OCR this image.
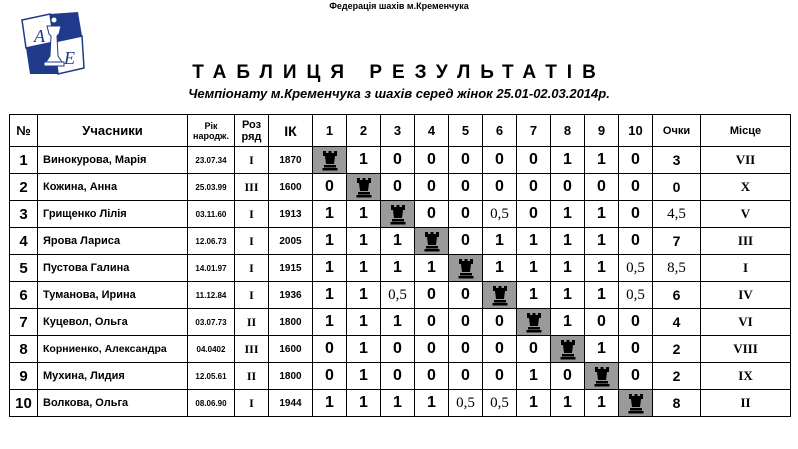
Федерація шахів м.Кременчука
А
Е
ТАБЛИЦЯ РЕЗУЛЬТАТІВ
Чемпіонату м.Кременчука з шахів серед жінок 25.01-02.03.2014р.
№	Учасники	Рік народж.	Роз ряд	ІК	1	2	3	4	5	6	7	8	9	10	Очки	Місце
1	Винокурова, Марія	23.07.34	I	1870		1	0	0	0	0	0	1	1	0	3	VII
2	Кожина, Анна	25.03.99	III	1600	0		0	0	0	0	0	0	0	0	0	X
3	Грищенко Лілія	03.11.60	I	1913	1	1		0	0	0,5	0	1	1	0	4,5	V
4	Ярова Лариса	12.06.73	I	2005	1	1	1		0	1	1	1	1	0	7	III
5	Пустова Галина	14.01.97	I	1915	1	1	1	1		1	1	1	1	0,5	8,5	I
6	Туманова, Ирина	11.12.84	I	1936	1	1	0,5	0	0		1	1	1	0,5	6	IV
7	Куцевол, Ольга	03.07.73	II	1800	1	1	1	0	0	0		1	0	0	4	VI
8	Корниенко, Александра	04.0402	III	1600	0	1	0	0	0	0	0		1	0	2	VIII
9	Мухина, Лидия	12.05.61	II	1800	0	1	0	0	0	0	1	0		0	2	IX
10	Волкова, Ольга	08.06.90	I	1944	1	1	1	1	0,5	0,5	1	1	1		8	II
